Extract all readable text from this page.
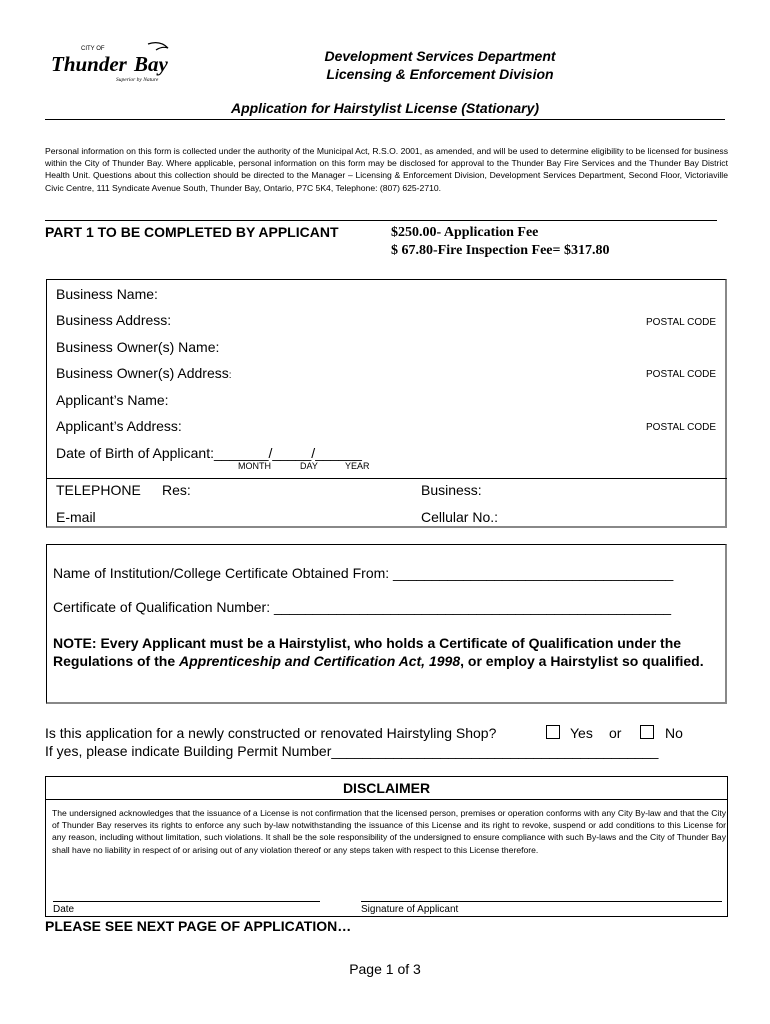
CITY OF
Thunder Bay
Superior by Nature
Development Services Department
Licensing & Enforcement Division
Application for Hairstylist License (Stationary)
Personal information on this form is collected under the authority of the Municipal Act, R.S.O. 2001, as amended, and will be used to determine eligibility to be licensed for business within the City of Thunder Bay. Where applicable, personal information on this form may be disclosed for approval to the Thunder Bay Fire Services and the Thunder Bay District Health Unit. Questions about this collection should be directed to the Manager – Licensing & Enforcement Division, Development Services Department, Second Floor, Victoriaville Civic Centre, 111 Syndicate Avenue South, Thunder Bay, Ontario, P7C 5K4, Telephone: (807) 625-2710.
PART 1 TO BE COMPLETED BY APPLICANT	$250.00- Application Fee
$ 67.80-Fire Inspection Fee= $317.80
Business Name:
Business Address:	POSTAL CODE
Business Owner(s) Name:
Business Owner(s) Address:	POSTAL CODE
Applicant’s Name:
Applicant’s Address:	POSTAL CODE
Date of Birth of Applicant:_______/_____/______
MONTH	DAY	YEAR
TELEPHONE Res:	Business:
E-mail	Cellular No.:
Name of Institution/College Certificate Obtained From: ____________________________________
Certificate of Qualification Number: ___________________________________________________
NOTE: Every Applicant must be a Hairstylist, who holds a Certificate of Qualification under the Regulations of the Apprenticeship and Certification Act, 1998, or employ a Hairstylist so qualified.
Is this application for a newly constructed or renovated Hairstyling Shop?	Yes or	No
If yes, please indicate Building Permit Number__________________________________________
DISCLAIMER
The undersigned acknowledges that the issuance of a License is not confirmation that the licensed person, premises or operation conforms with any City By-law and that the City of Thunder Bay reserves its rights to enforce any such by-law notwithstanding the issuance of this License and its right to revoke, suspend or add conditions to this License for any reason, including without limitation, such violations. It shall be the sole responsibility of the undersigned to ensure compliance with such By-laws and the City of Thunder Bay shall have no liability in respect of or arising out of any violation thereof or any steps taken with respect to this License therefore.
Date	Signature of Applicant
PLEASE SEE NEXT PAGE OF APPLICATION…
Page 1 of 3
